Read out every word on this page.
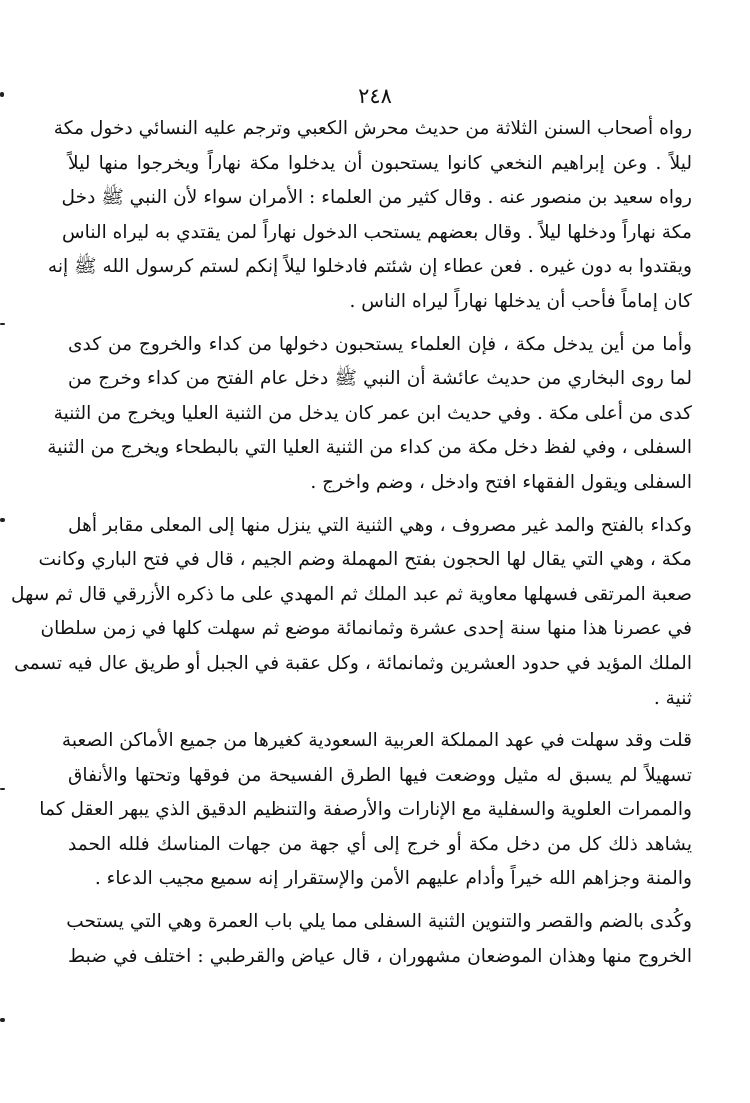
٢٤٨
رواه أصحاب السنن الثلاثة من حديث محرش الكعبي وترجم عليه النسائي دخول مكة
ليلاً . وعن إبراهيم النخعي كانوا يستحبون أن يدخلوا مكة نهاراً ويخرجوا منها ليلاً
رواه سعيد بن منصور عنه . وقال كثير من العلماء : الأمران سواء لأن النبي ﷺ دخل
مكة نهاراً ودخلها ليلاً . وقال بعضهم يستحب الدخول نهاراً لمن يقتدي به ليراه الناس
ويقتدوا به دون غيره . فعن عطاء إن شئتم فادخلوا ليلاً إنكم لستم كرسول الله ﷺ إنه
كان إماماً فأحب أن يدخلها نهاراً ليراه الناس .
وأما من أين يدخل مكة ، فإن العلماء يستحبون دخولها من كداء والخروج من كدى
لما روى البخاري من حديث عائشة أن النبي ﷺ دخل عام الفتح من كداء وخرج من
كدى من أعلى مكة . وفي حديث ابن عمر كان يدخل من الثنية العليا ويخرج من الثنية
السفلى ، وفي لفظ دخل مكة من كداء من الثنية العليا التي بالبطحاء ويخرج من الثنية
السفلى ويقول الفقهاء افتح وادخل ، وضم واخرج .
وكداء بالفتح والمد غير مصروف ، وهي الثنية التي ينزل منها إلى المعلى مقابر أهل
مكة ، وهي التي يقال لها الحجون بفتح المهملة وضم الجيم ، قال في فتح الباري وكانت
صعبة المرتقى فسهلها معاوية ثم عبد الملك ثم المهدي على ما ذكره الأزرقي قال ثم سهل
في عصرنا هذا منها سنة إحدى عشرة وثمانمائة موضع ثم سهلت كلها في زمن سلطان
الملك المؤيد في حدود العشرين وثمانمائة ، وكل عقبة في الجبل أو طريق عال فيه تسمى
ثنية .
قلت وقد سهلت في عهد المملكة العربية السعودية كغيرها من جميع الأماكن الصعبة
تسهيلاً لم يسبق له مثيل ووضعت فيها الطرق الفسيحة من فوقها وتحتها والأنفاق
والممرات العلوية والسفلية مع الإنارات والأرصفة والتنظيم الدقيق الذي يبهر العقل كما
يشاهد ذلك كل من دخل مكة أو خرج إلى أي جهة من جهات المناسك فلله الحمد
والمنة وجزاهم الله خيراً وأدام عليهم الأمن والإستقرار إنه سميع مجيب الدعاء .
وكُدى بالضم والقصر والتنوين الثنية السفلى مما يلي باب العمرة وهي التي يستحب
الخروج منها وهذان الموضعان مشهوران ، قال عياض والقرطبي : اختلف في ضبط
